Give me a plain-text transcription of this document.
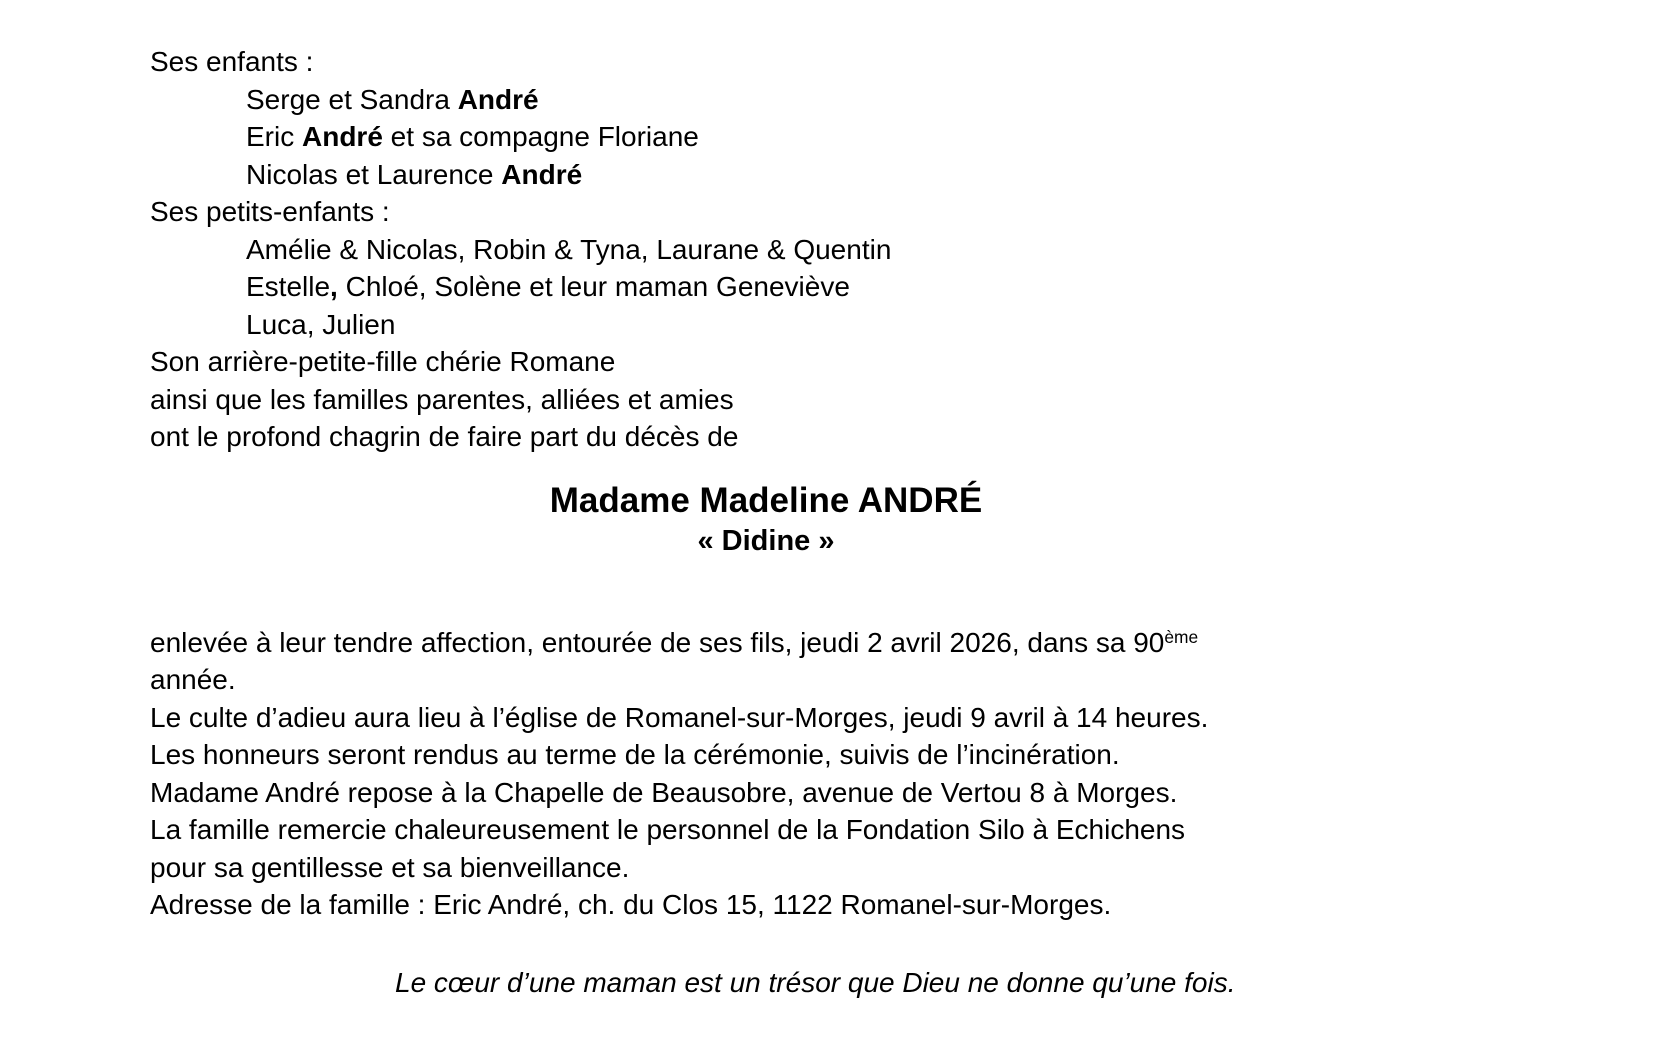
Ses enfants :
Serge et Sandra André
Eric André et sa compagne Floriane
Nicolas et Laurence André
Ses petits-enfants :
Amélie & Nicolas, Robin & Tyna, Laurane & Quentin
Estelle, Chloé, Solène et leur maman Geneviève
Luca, Julien
Son arrière-petite-fille chérie Romane
ainsi que les familles parentes, alliées et amies
ont le profond chagrin de faire part du décès de
Madame Madeline ANDRÉ
« Didine »
enlevée à leur tendre affection, entourée de ses fils, jeudi 2 avril 2026, dans sa 90ème
année.
Le culte d’adieu aura lieu à l’église de Romanel-sur-Morges, jeudi 9 avril à 14 heures.
Les honneurs seront rendus au terme de la cérémonie, suivis de l’incinération.
Madame André repose à la Chapelle de Beausobre, avenue de Vertou 8 à Morges.
La famille remercie chaleureusement le personnel de la Fondation Silo à Echichens
pour sa gentillesse et sa bienveillance.
Adresse de la famille : Eric André, ch. du Clos 15, 1122 Romanel-sur-Morges.
Le cœur d’une maman est un trésor que Dieu ne donne qu’une fois.
